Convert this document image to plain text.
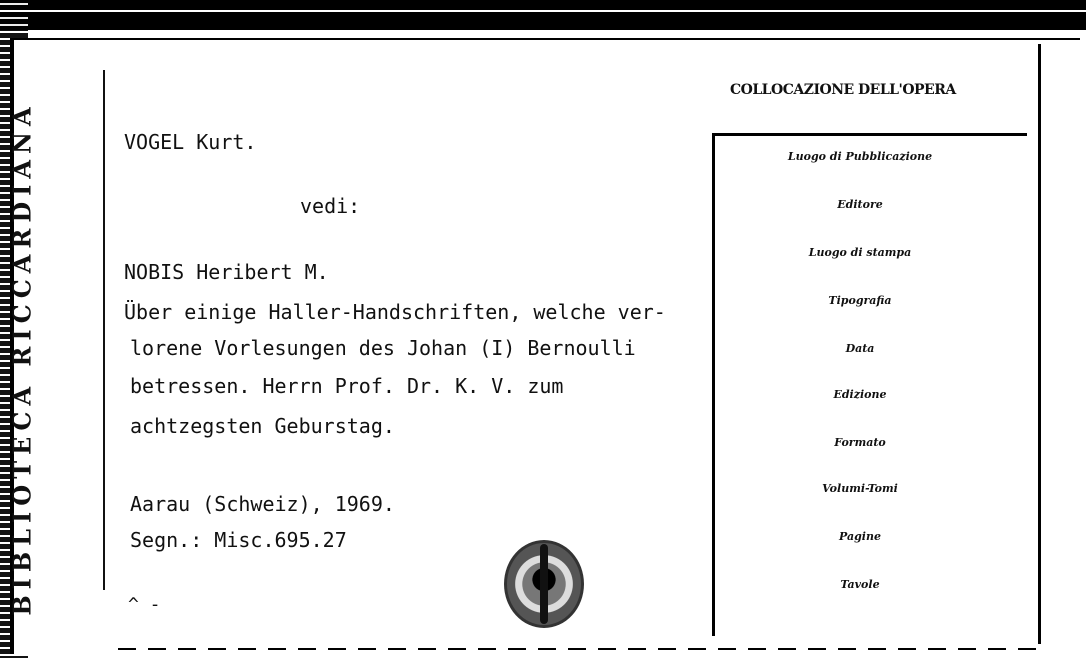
BIBLIOTECA RICCARDIANA	VOGEL Kurt.
vedi:
NOBIS Heribert M.
Über einige Haller-Handschriften, welche ver-
lorene Vorlesungen des Johan (I) Bernoulli
betressen. Herrn Prof. Dr. K. V. zum
achtzegsten Geburstag.
Aarau (Schweiz), 1969.
Segn.: Misc.695.27
^ -
COLLOCAZIONE DELL'OPERA
Luogo di Pubblicazione
Editore
Luogo di stampa
Tipografia
Data
Edizione
Formato
Volumi-Tomi
Pagine
Tavole
